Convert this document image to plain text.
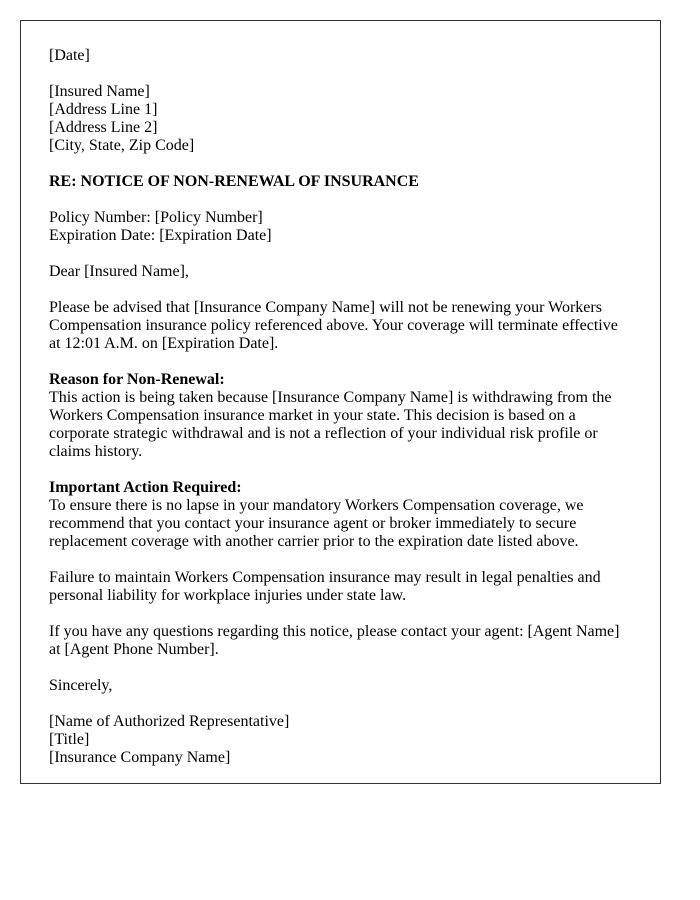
[Date]

[Insured Name]
[Address Line 1]
[Address Line 2]
[City, State, Zip Code]

RE: NOTICE OF NON-RENEWAL OF INSURANCE

Policy Number: [Policy Number]
Expiration Date: [Expiration Date]

Dear [Insured Name],

Please be advised that [Insurance Company Name] will not be renewing your Workers Compensation insurance policy referenced above. Your coverage will terminate effective at 12:01 A.M. on [Expiration Date].

Reason for Non-Renewal:
This action is being taken because [Insurance Company Name] is withdrawing from the Workers Compensation insurance market in your state. This decision is based on a corporate strategic withdrawal and is not a reflection of your individual risk profile or claims history.
Important Action Required:
To ensure there is no lapse in your mandatory Workers Compensation coverage, we recommend that you contact your insurance agent or broker immediately to secure replacement coverage with another carrier prior to the expiration date listed above.

Failure to maintain Workers Compensation insurance may result in legal penalties and personal liability for workplace injuries under state law.

If you have any questions regarding this notice, please contact your agent: [Agent Name] at [Agent Phone Number].

Sincerely,

[Name of Authorized Representative]
[Title]
[Insurance Company Name]
